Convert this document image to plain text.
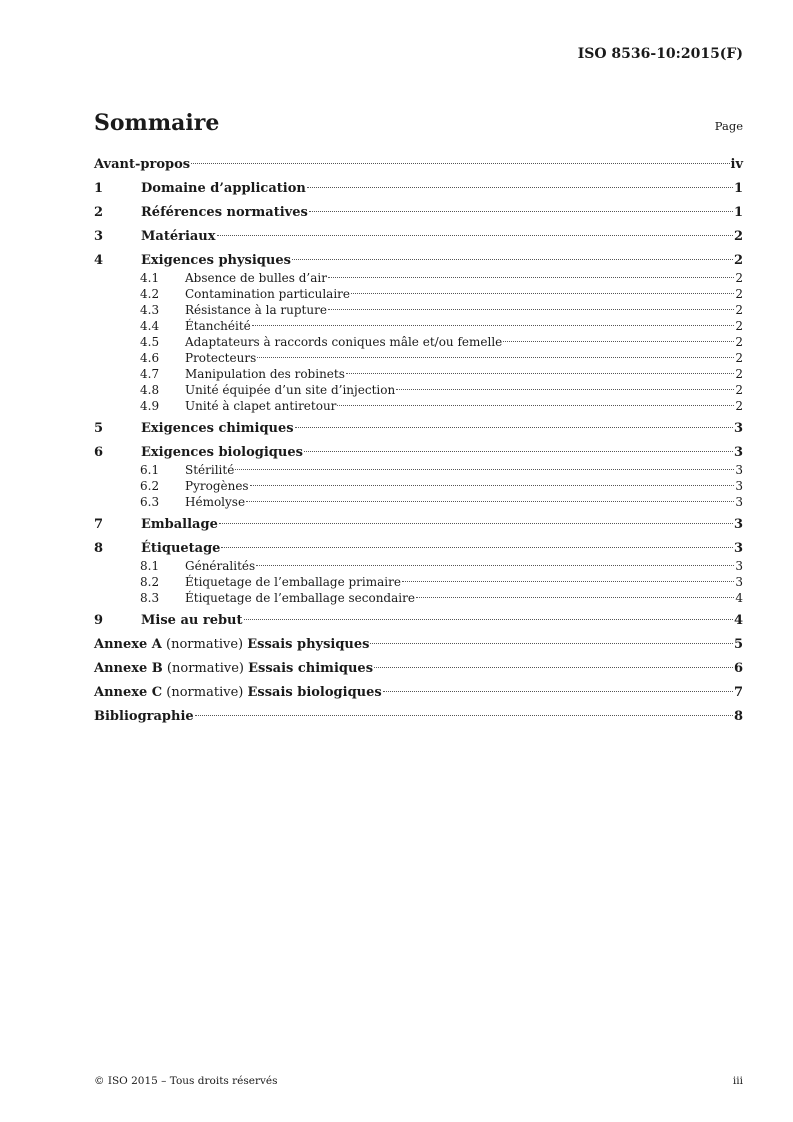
ISO 8536-10:2015(F)
Sommaire	Page
Avant-propos	iv
1	Domaine d’application	1
2	Références normatives	1
3	Matériaux	2
4	Exigences physiques	2
4.1	Absence de bulles d’air	2
4.2	Contamination particulaire	2
4.3	Résistance à la rupture	2
4.4	Étanchéité	2
4.5	Adaptateurs à raccords coniques mâle et/ou femelle	2
4.6	Protecteurs	2
4.7	Manipulation des robinets	2
4.8	Unité équipée d’un site d’injection	2
4.9	Unité à clapet antiretour	2
5	Exigences chimiques	3
6	Exigences biologiques	3
6.1	Stérilité	3
6.2	Pyrogènes	3
6.3	Hémolyse	3
7	Emballage	3
8	Étiquetage	3
8.1	Généralités	3
8.2	Étiquetage de l’emballage primaire	3
8.3	Étiquetage de l’emballage secondaire	4
9	Mise au rebut	4
Annexe A (normative) Essais physiques	5
Annexe B (normative) Essais chimiques	6
Annexe C (normative) Essais biologiques	7
Bibliographie	8
© ISO 2015 – Tous droits réservés	iii
